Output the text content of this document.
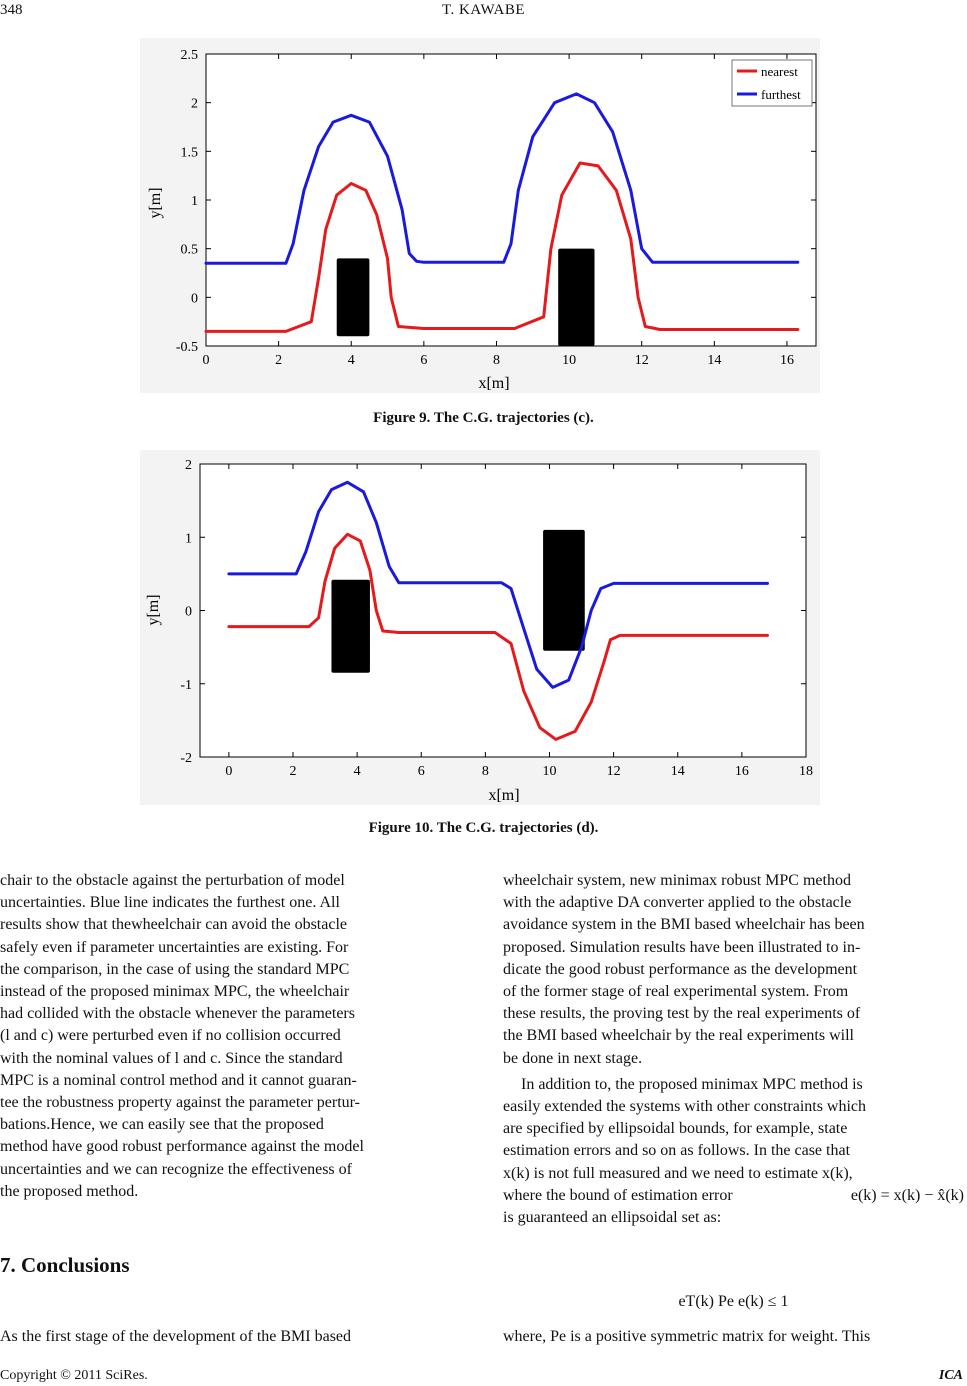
348	T. KAWABE
0	2	4	6	8	10	12	14	16
2.5
2
1.5
1
0.5
0
-0.5
nearest
furthest
x[m]
y[m]
Figure 9. The C.G. trajectories (c).
0	2	4	6	8	10	12	14	16	18
2
1
0
-1
-2
x[m]
y[m]
Figure 10. The C.G. trajectories (d).
chair to the obstacle against the perturbation of model
uncertainties. Blue line indicates the furthest one. All
results show that thewheelchair can avoid the obstacle
safely even if parameter uncertainties are existing. For
the comparison, in the case of using the standard MPC
instead of the proposed minimax MPC, the wheelchair
had collided with the obstacle whenever the parameters
(l and c) were perturbed even if no collision occurred
with the nominal values of l and c. Since the standard
MPC is a nominal control method and it cannot guaran-
tee the robustness property against the parameter pertur-
bations.Hence, we can easily see that the proposed
method have good robust performance against the model
uncertainties and we can recognize the effectiveness of
the proposed method.
7. Conclusions
As the first stage of the development of the BMI based
wheelchair system, new minimax robust MPC method
with the adaptive DA converter applied to the obstacle
avoidance system in the BMI based wheelchair has been
proposed. Simulation results have been illustrated to in-
dicate the good robust performance as the development
of the former stage of real experimental system. From
these results, the proving test by the real experiments of
the BMI based wheelchair by the real experiments will
be done in next stage.
In addition to, the proposed minimax MPC method is
easily extended the systems with other constraints which
are specified by ellipsoidal bounds, for example, state
estimation errors and so on as follows. In the case that
x(k) is not full measured and we need to estimate x(k),
where the bound of estimation error	e(k) = x(k) − x̂(k)
is guaranteed an ellipsoidal set as:
eT(k) Pe e(k) ≤ 1
where, Pe is a positive symmetric matrix for weight. This
Copyright © 2011 SciRes.	ICA
